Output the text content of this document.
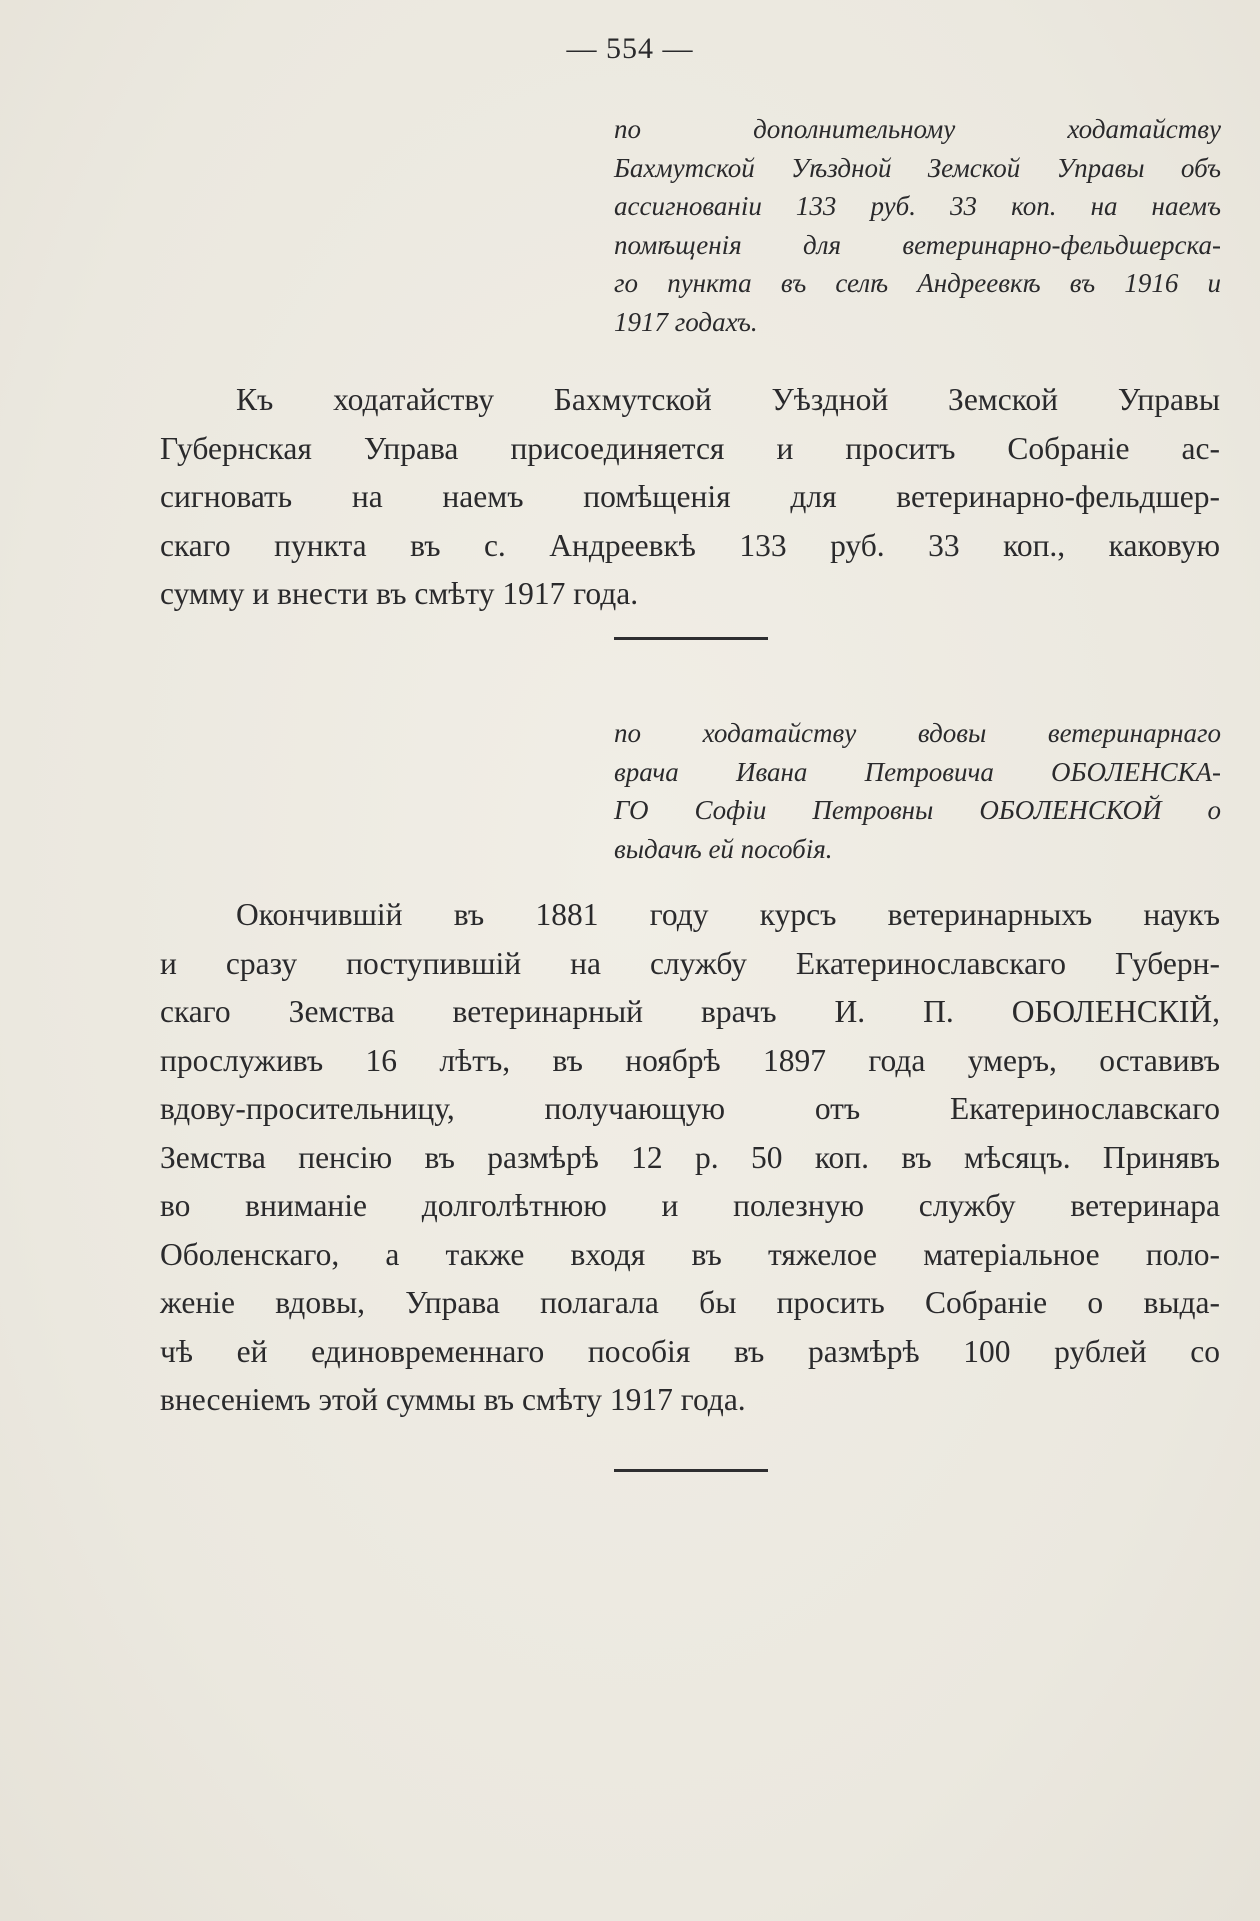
— 554 —

по дополнительному ходатайству
Бахмутской Уѣздной Земской Управы объ
ассигнованіи 133 руб. 33 коп. на наемъ
помѣщенія для ветеринарно-фельдшерска-
го пункта въ селѣ Андреевкѣ въ 1916 и
1917 годахъ.

Къ ходатайству Бахмутской Уѣздной Земской Управы
Губернская Управа присоединяется и проситъ Собраніе ас-
сигновать на наемъ помѣщенія для ветеринарно-фельдшер-
скаго пункта въ с. Андреевкѣ 133 руб. 33 коп., каковую
сумму и внести въ смѣту 1917 года.

по ходатайству вдовы ветеринарнаго
врача Ивана Петровича ОБОЛЕНСКА-
ГО Софіи Петровны ОБОЛЕНСКОЙ о
выдачѣ ей пособія.

Окончившій въ 1881 году курсъ ветеринарныхъ наукъ
и сразу поступившій на службу Екатеринославскаго Губерн-
скаго Земства ветеринарный врачъ И. П. ОБОЛЕНСКІЙ,
прослуживъ 16 лѣтъ, въ ноябрѣ 1897 года умеръ, оставивъ
вдову-просительницу, получающую отъ Екатеринославскаго
Земства пенсію въ размѣрѣ 12 р. 50 коп. въ мѣсяцъ. Принявъ
во вниманіе долголѣтнюю и полезную службу ветеринара
Оболенскаго, а также входя въ тяжелое матеріальное поло-
женіе вдовы, Управа полагала бы просить Собраніе о выда-
чѣ ей единовременнаго пособія въ размѣрѣ 100 рублей со
внесеніемъ этой суммы въ смѣту 1917 года.
